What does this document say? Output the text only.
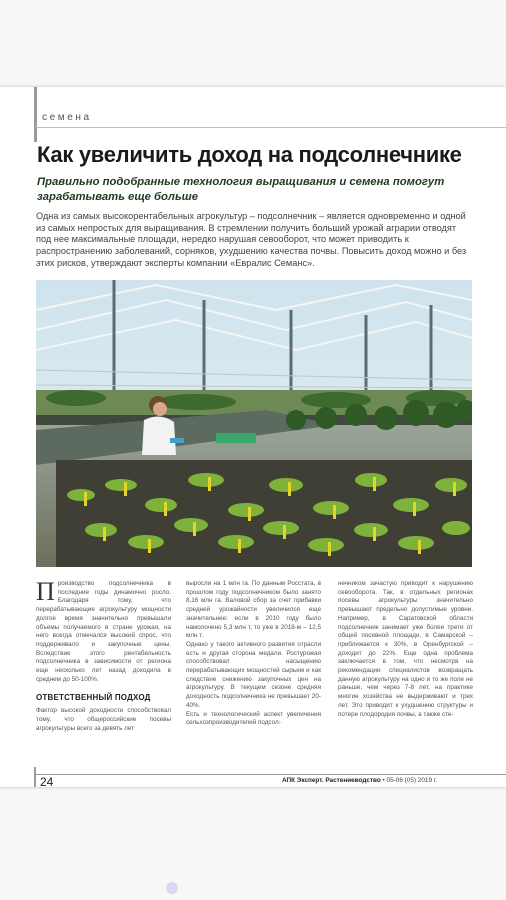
семена
Как увеличить доход на подсолнечнике
Правильно подобранные технология выращивания и семена помогут зарабатывать еще больше
Одна из самых высокорентабельных агрокультур – подсолнечник – является одновременно и одной из самых непростых для выращивания. В стремлении получить больший урожай аграрии отводят под нее максимальные площади, нередко нарушая севооборот, что может приводить к распространению заболеваний, сорняков, ухудшению качества почвы. Повысить доход можно и без этих рисков, утверждают эксперты компании «Евралис Семанс».

Производство подсолнечника в последние годы динамично росло. Благодаря тому, что перерабатывающие агрокультуру мощности долгое время значительно превышали объемы получаемого в стране урожая, на него всегда отмечался высокий спрос, что поддерживало и закупочные цены. Вследствие этого рентабельность подсолнечника в зависимости от региона еще несколько лет назад доходила в среднем до 50-100%.

ОТВЕТСТВЕННЫЙ ПОДХОД

Фактор высокой доходности способствовал тому, что общероссийские посевы агрокультуры всего за девять лет

выросли на 1 млн га. По данным Росстата, в прошлом году подсолнечником было занято 8,16 млн га. Валовой сбор за счет прибавки средней урожайности увеличился еще значительнее: если в 2010 году было намолочено 5,3 млн т, то уже в 2018-м – 12,5 млн т.

Однако у такого активного развития отрасли есть и другая сторона медали. Ростурожая способствовал насыщению перерабатывающих мощностей сырьем и как следствие снижению закупочных цен на агрокультуру. В текущем сезоне средняя доходность подсолнечника не превышает 20-40%.

Есть и технологический аспект увеличения сельхозпроизводителей подсол-

нечником зачастую приводит к нарушению севооборота. Так, в отдельных регионах посевы агрокультуры значительно превышают предельно допустимые уровни. Например, в Саратовской области подсолнечник занимает уже более трети от общей посевной площади, в Самарской – приближается к 30%, в Оренбургской – доходит до 22%. Еще одна проблема заключается в том, что несмотря на рекомендации специалистов возвращать данную агрокультуру на одно и то же поле не раньше, чем через 7-8 лет, на практике многие хозяйства не выдерживают и трех лет. Это приводит к ухудшению структуры и потере плодородия почвы, а также сте-

24	АПК Эксперт. Растениеводство • 05-06 (05) 2019 г.
